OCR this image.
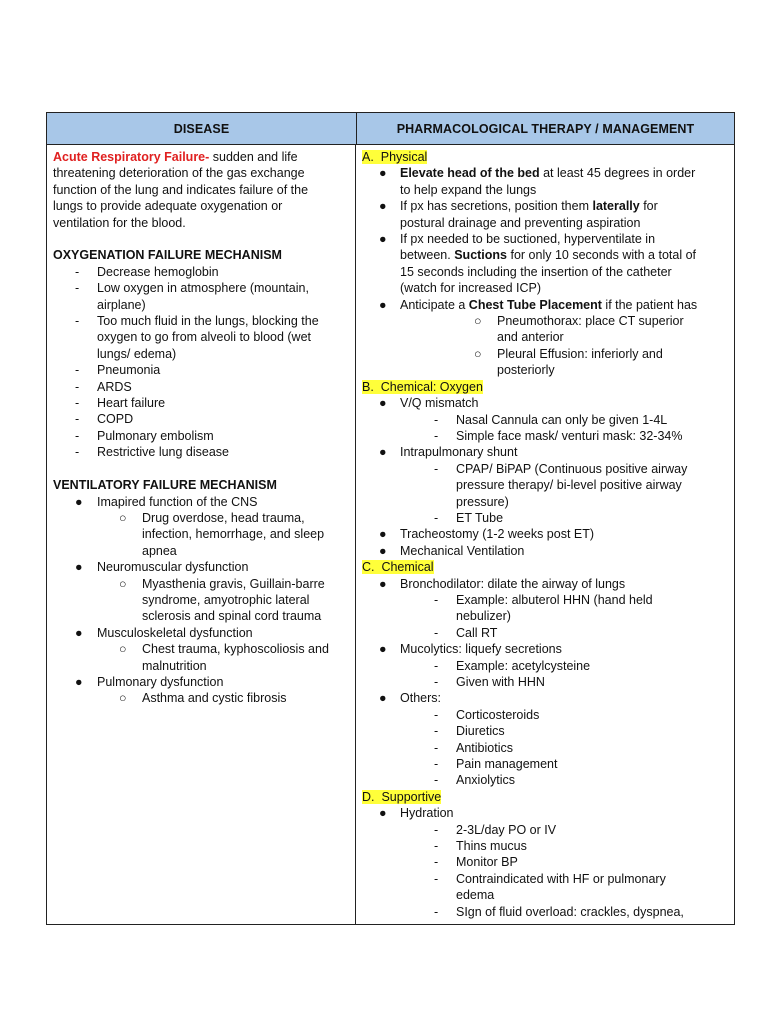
DISEASE	PHARMACOLOGICAL THERAPY / MANAGEMENT
Acute Respiratory Failure- sudden and life
threatening deterioration of the gas exchange
function of the lung and indicates failure of the
lungs to provide adequate oxygenation or
ventilation for the blood.
OXYGENATION FAILURE MECHANISM
- Decrease hemoglobin
- Low oxygen in atmosphere (mountain,
airplane)
- Too much fluid in the lungs, blocking the
oxygen to go from alveoli to blood (wet
lungs/ edema)
- Pneumonia
- ARDS
- Heart failure
- COPD
- Pulmonary embolism
- Restrictive lung disease
VENTILATORY FAILURE MECHANISM
● Imapired function of the CNS
○ Drug overdose, head trauma,
infection, hemorrhage, and sleep
apnea
● Neuromuscular dysfunction
○ Myasthenia gravis, Guillain-barre
syndrome, amyotrophic lateral
sclerosis and spinal cord trauma
● Musculoskeletal dysfunction
○ Chest trauma, kyphoscoliosis and
malnutrition
● Pulmonary dysfunction
○ Asthma and cystic fibrosis
A. Physical
● Elevate head of the bed at least 45 degrees in order
to help expand the lungs
● If px has secretions, position them laterally for
postural drainage and preventing aspiration
● If px needed to be suctioned, hyperventilate in
between. Suctions for only 10 seconds with a total of
15 seconds including the insertion of the catheter
(watch for increased ICP)
● Anticipate a Chest Tube Placement if the patient has
○ Pneumothorax: place CT superior
and anterior
○ Pleural Effusion: inferiorly and
posteriorly
B. Chemical: Oxygen
● V/Q mismatch
- Nasal Cannula can only be given 1-4L
- Simple face mask/ venturi mask: 32-34%
● Intrapulmonary shunt
- CPAP/ BiPAP (Continuous positive airway
pressure therapy/ bi-level positive airway
pressure)
- ET Tube
● Tracheostomy (1-2 weeks post ET)
● Mechanical Ventilation
C. Chemical
● Bronchodilator: dilate the airway of lungs
- Example: albuterol HHN (hand held
nebulizer)
- Call RT
● Mucolytics: liquefy secretions
- Example: acetylcysteine
- Given with HHN
● Others:
- Corticosteroids
- Diuretics
- Antibiotics
- Pain management
- Anxiolytics
D. Supportive
● Hydration
- 2-3L/day PO or IV
- Thins mucus
- Monitor BP
- Contraindicated with HF or pulmonary
edema
- SIgn of fluid overload: crackles, dyspnea,
